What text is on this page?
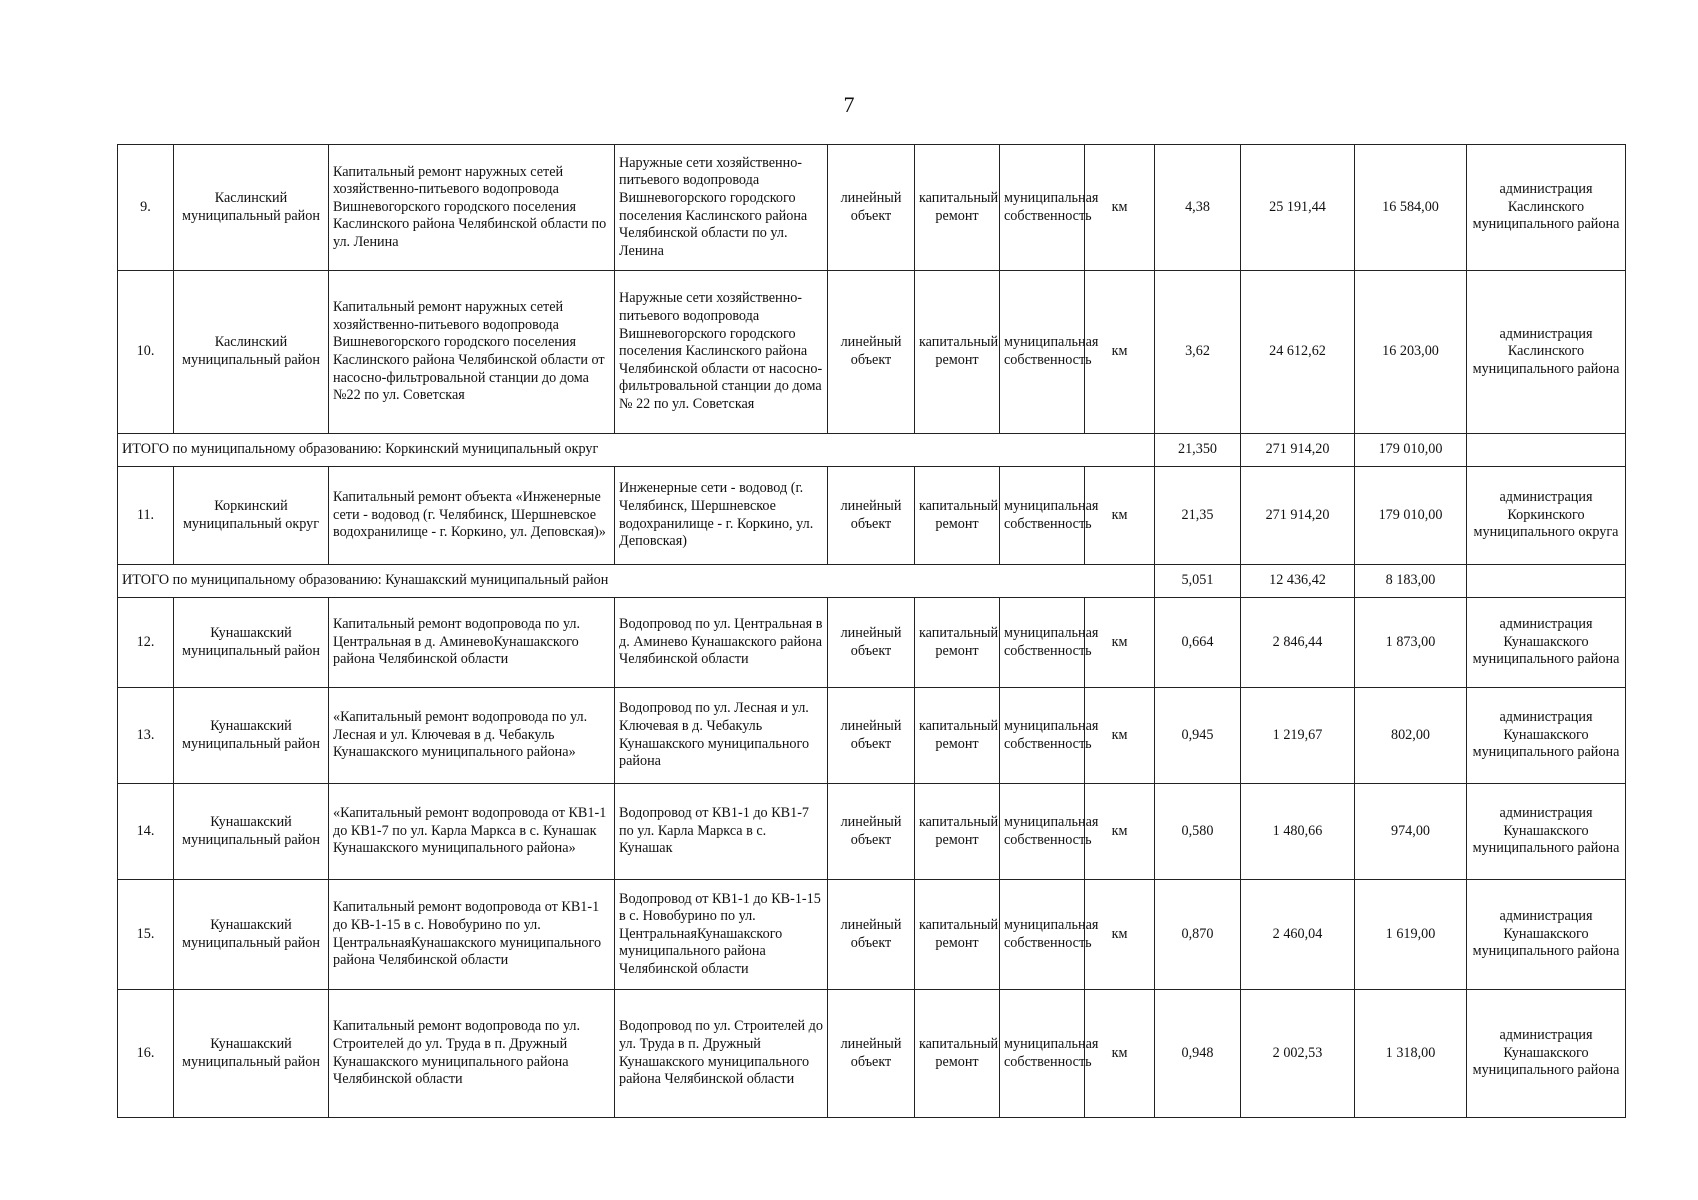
7
9.	Каслинский муниципальный район	Капитальный ремонт наружных сетей хозяйственно-питьевого водопровода Вишневогорского городского поселения Каслинского района Челябинской области по ул. Ленина	Наружные сети хозяйственно-питьевого водопровода Вишневогорского городского поселения Каслинского района Челябинской области по ул. Ленина	линейный объект	капитальный ремонт	муниципальная собственность	км	4,38	25 191,44	16 584,00	администрация Каслинского муниципального района
10.	Каслинский муниципальный район	Капитальный ремонт наружных сетей хозяйственно-питьевого водопровода Вишневогорского городского поселения Каслинского района Челябинской области от насосно-фильтровальной станции до дома №22 по ул. Советская	Наружные сети хозяйственно-питьевого водопровода Вишневогорского городского поселения Каслинского района Челябинской области от насосно-фильтровальной станции до дома № 22 по ул. Советская	линейный объект	капитальный ремонт	муниципальная собственность	км	3,62	24 612,62	16 203,00	администрация Каслинского муниципального района
ИТОГО по муниципальному образованию: Коркинский муниципальный округ								21,350	271 914,20	179 010,00	
11.	Коркинский муниципальный округ	Капитальный ремонт объекта «Инженерные сети - водовод (г. Челябинск, Шершневское водохранилище - г. Коркино, ул. Деповская)»	Инженерные сети - водовод (г. Челябинск, Шершневское водохранилище - г. Коркино, ул. Деповская)	линейный объект	капитальный ремонт	муниципальная собственность	км	21,35	271 914,20	179 010,00	администрация Коркинского муниципального округа
ИТОГО по муниципальному образованию: Кунашакский муниципальный район								5,051	12 436,42	8 183,00	
12.	Кунашакский муниципальный район	Капитальный ремонт водопровода по ул. Центральная в д. АминевоКунашакского района Челябинской области	Водопровод по ул. Центральная в д. Аминево Кунашакского района Челябинской области	линейный объект	капитальный ремонт	муниципальная собственность	км	0,664	2 846,44	1 873,00	администрация Кунашакского муниципального района
13.	Кунашакский муниципальный район	«Капитальный ремонт водопровода по ул. Лесная и ул. Ключевая в д. Чебакуль Кунашакского муниципального района»	Водопровод по ул. Лесная и ул. Ключевая в д. Чебакуль Кунашакского муниципального района	линейный объект	капитальный ремонт	муниципальная собственность	км	0,945	1 219,67	802,00	администрация Кунашакского муниципального района
14.	Кунашакский муниципальный район	«Капитальный ремонт водопровода от КВ1-1 до КВ1-7 по ул. Карла Маркса в с. Кунашак Кунашакского муниципального района»	Водопровод от КВ1-1 до КВ1-7 по ул. Карла Маркса в с. Кунашак	линейный объект	капитальный ремонт	муниципальная собственность	км	0,580	1 480,66	974,00	администрация Кунашакского муниципального района
15.	Кунашакский муниципальный район	Капитальный ремонт водопровода от КВ1-1 до КВ-1-15 в с. Новобурино по ул. ЦентральнаяКунашакского муниципального района Челябинской области	Водопровод от КВ1-1 до КВ-1-15 в с. Новобурино по ул. ЦентральнаяКунашакского муниципального района Челябинской области	линейный объект	капитальный ремонт	муниципальная собственность	км	0,870	2 460,04	1 619,00	администрация Кунашакского муниципального района
16.	Кунашакский муниципальный район	Капитальный ремонт водопровода по ул. Строителей до ул. Труда в п. Дружный Кунашакского муниципального района Челябинской области	Водопровод по ул. Строителей до ул. Труда в п. Дружный Кунашакского муниципального района Челябинской области	линейный объект	капитальный ремонт	муниципальная собственность	км	0,948	2 002,53	1 318,00	администрация Кунашакского муниципального района
